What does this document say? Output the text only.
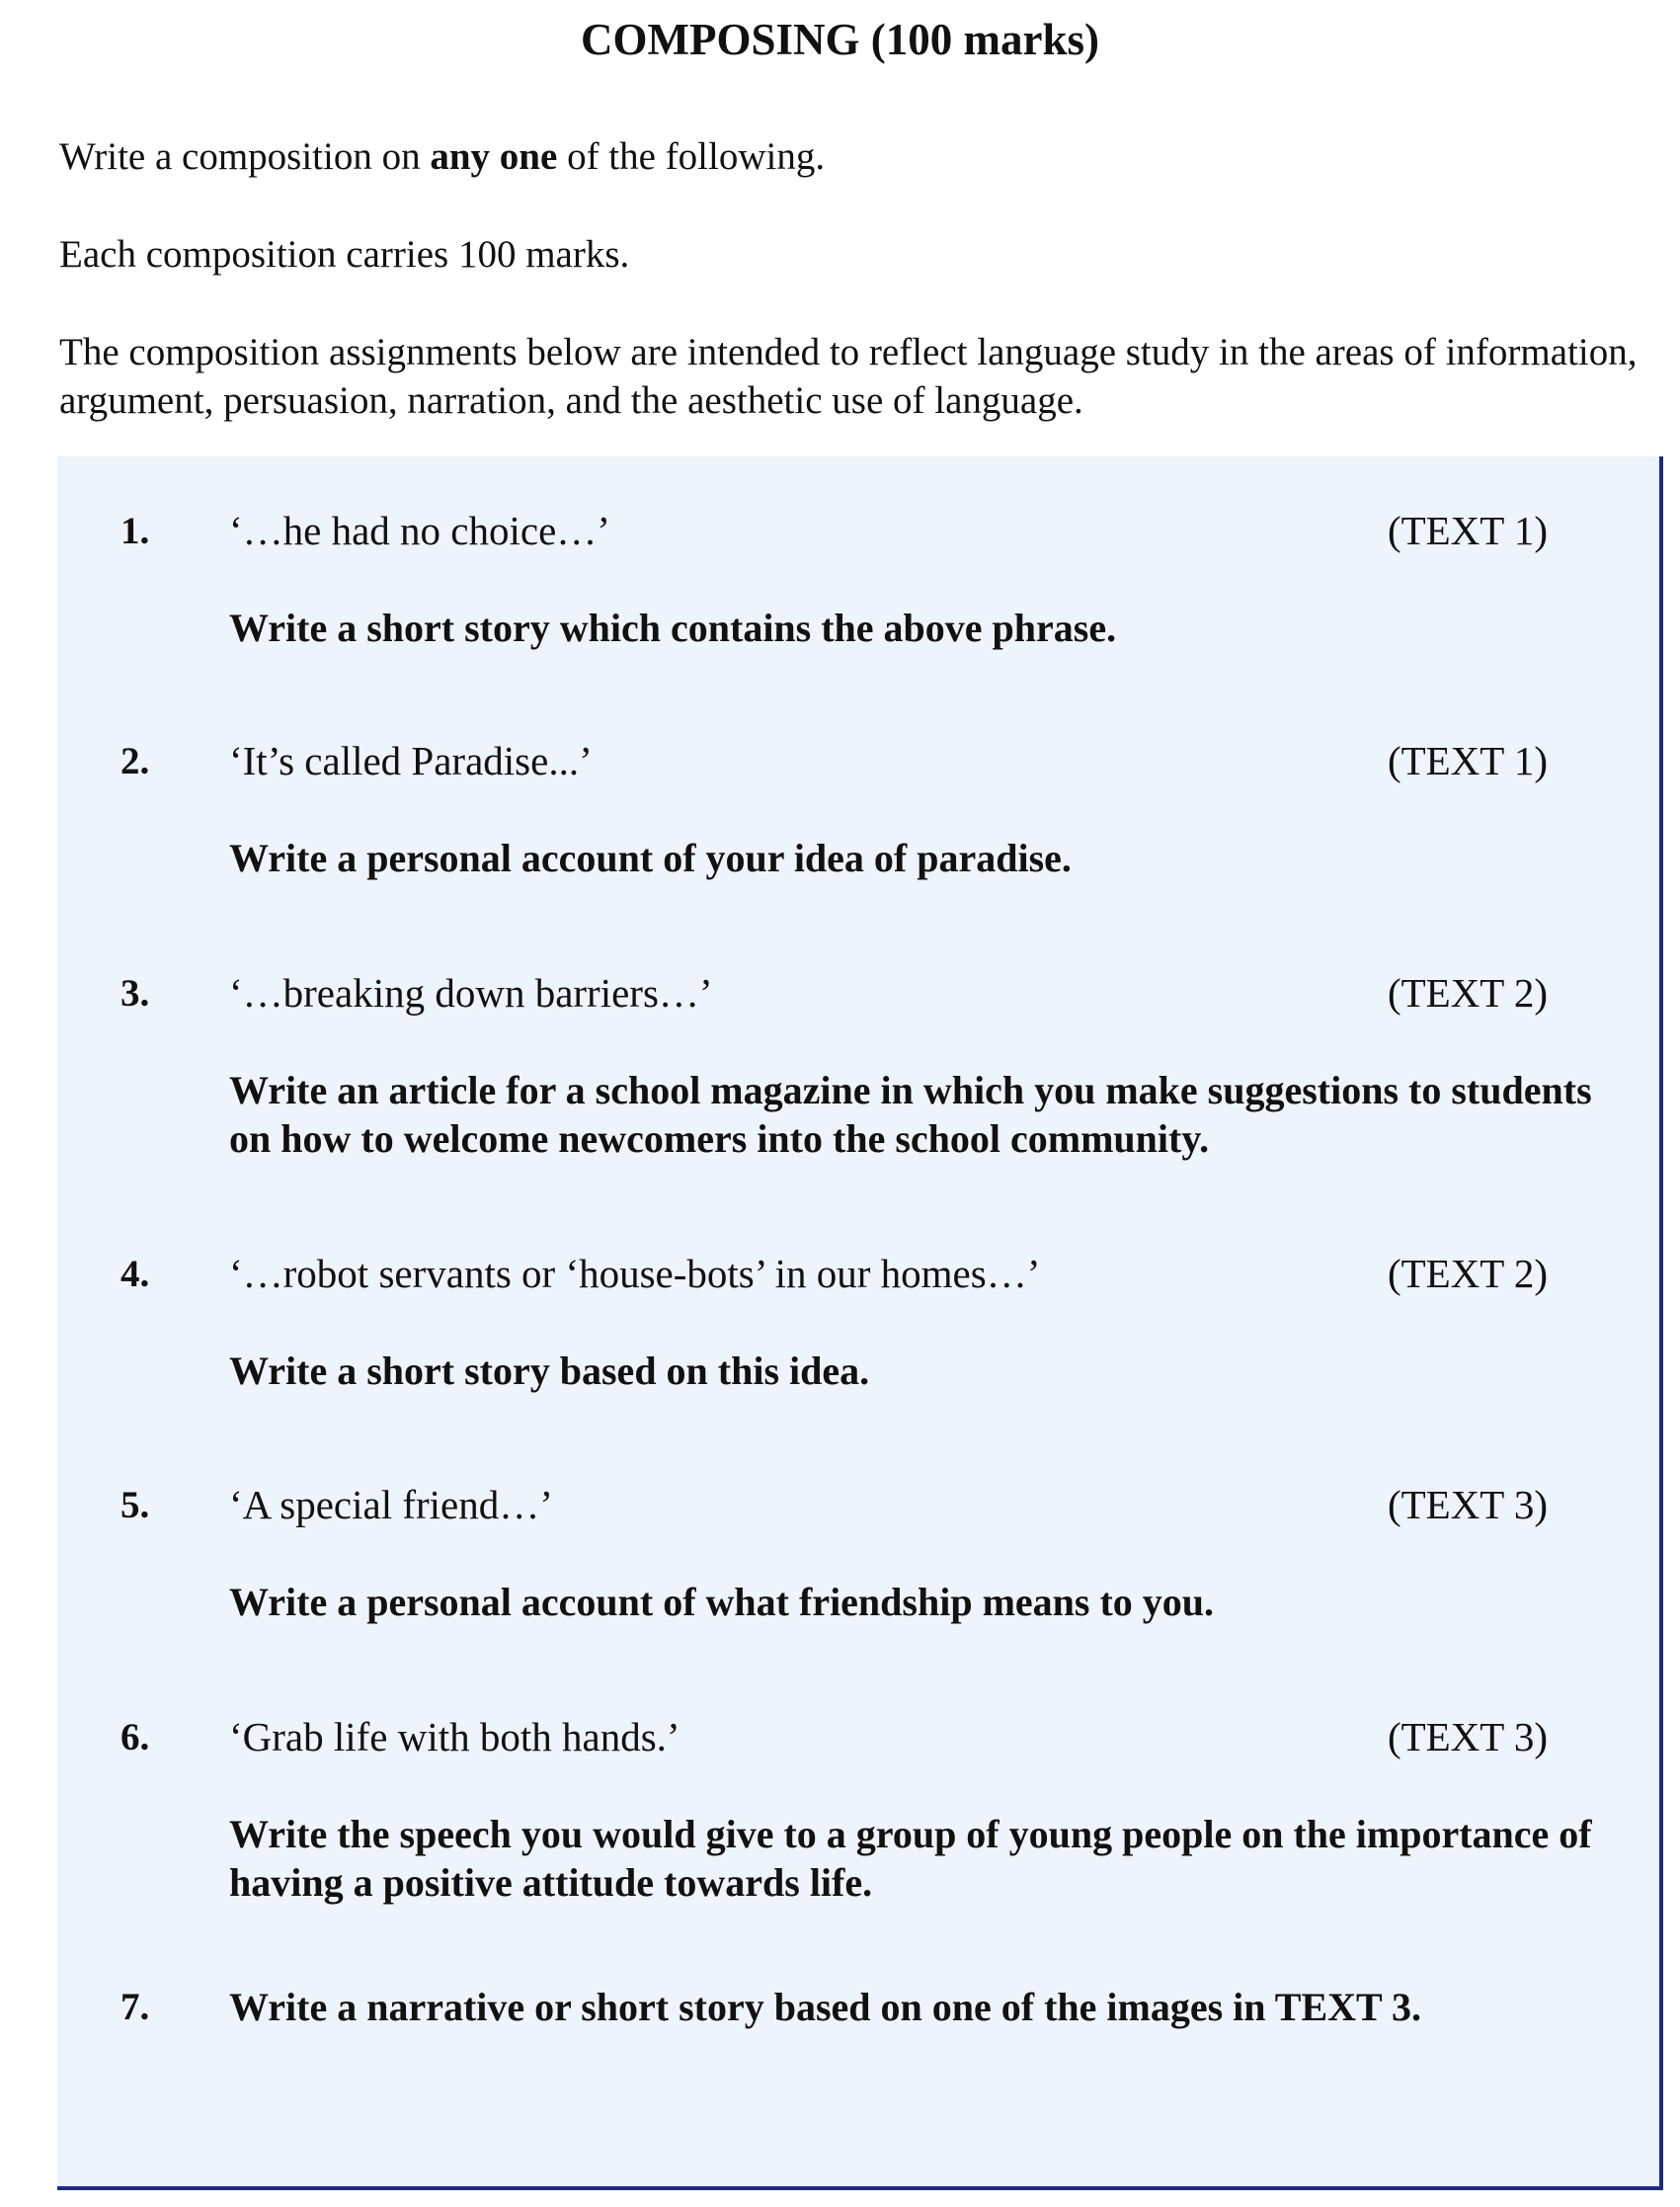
COMPOSING (100 marks)
Write a composition on any one of the following.
Each composition carries 100 marks.
The composition assignments below are intended to reflect language study in the areas of information, argument, persuasion, narration, and the aesthetic use of language.
1. ‘…he had no choice…’	(TEXT 1)
Write a short story which contains the above phrase.
2. ‘It’s called Paradise...’	(TEXT 1)
Write a personal account of your idea of paradise.
3. ‘…breaking down barriers…’	(TEXT 2)
Write an article for a school magazine in which you make suggestions to students on how to welcome newcomers into the school community.
4. ‘…robot servants or ‘house-bots’ in our homes…’	(TEXT 2)
Write a short story based on this idea.
5. ‘A special friend…’	(TEXT 3)
Write a personal account of what friendship means to you.
6. ‘Grab life with both hands.’	(TEXT 3)
Write the speech you would give to a group of young people on the importance of having a positive attitude towards life.
7. Write a narrative or short story based on one of the images in TEXT 3.
